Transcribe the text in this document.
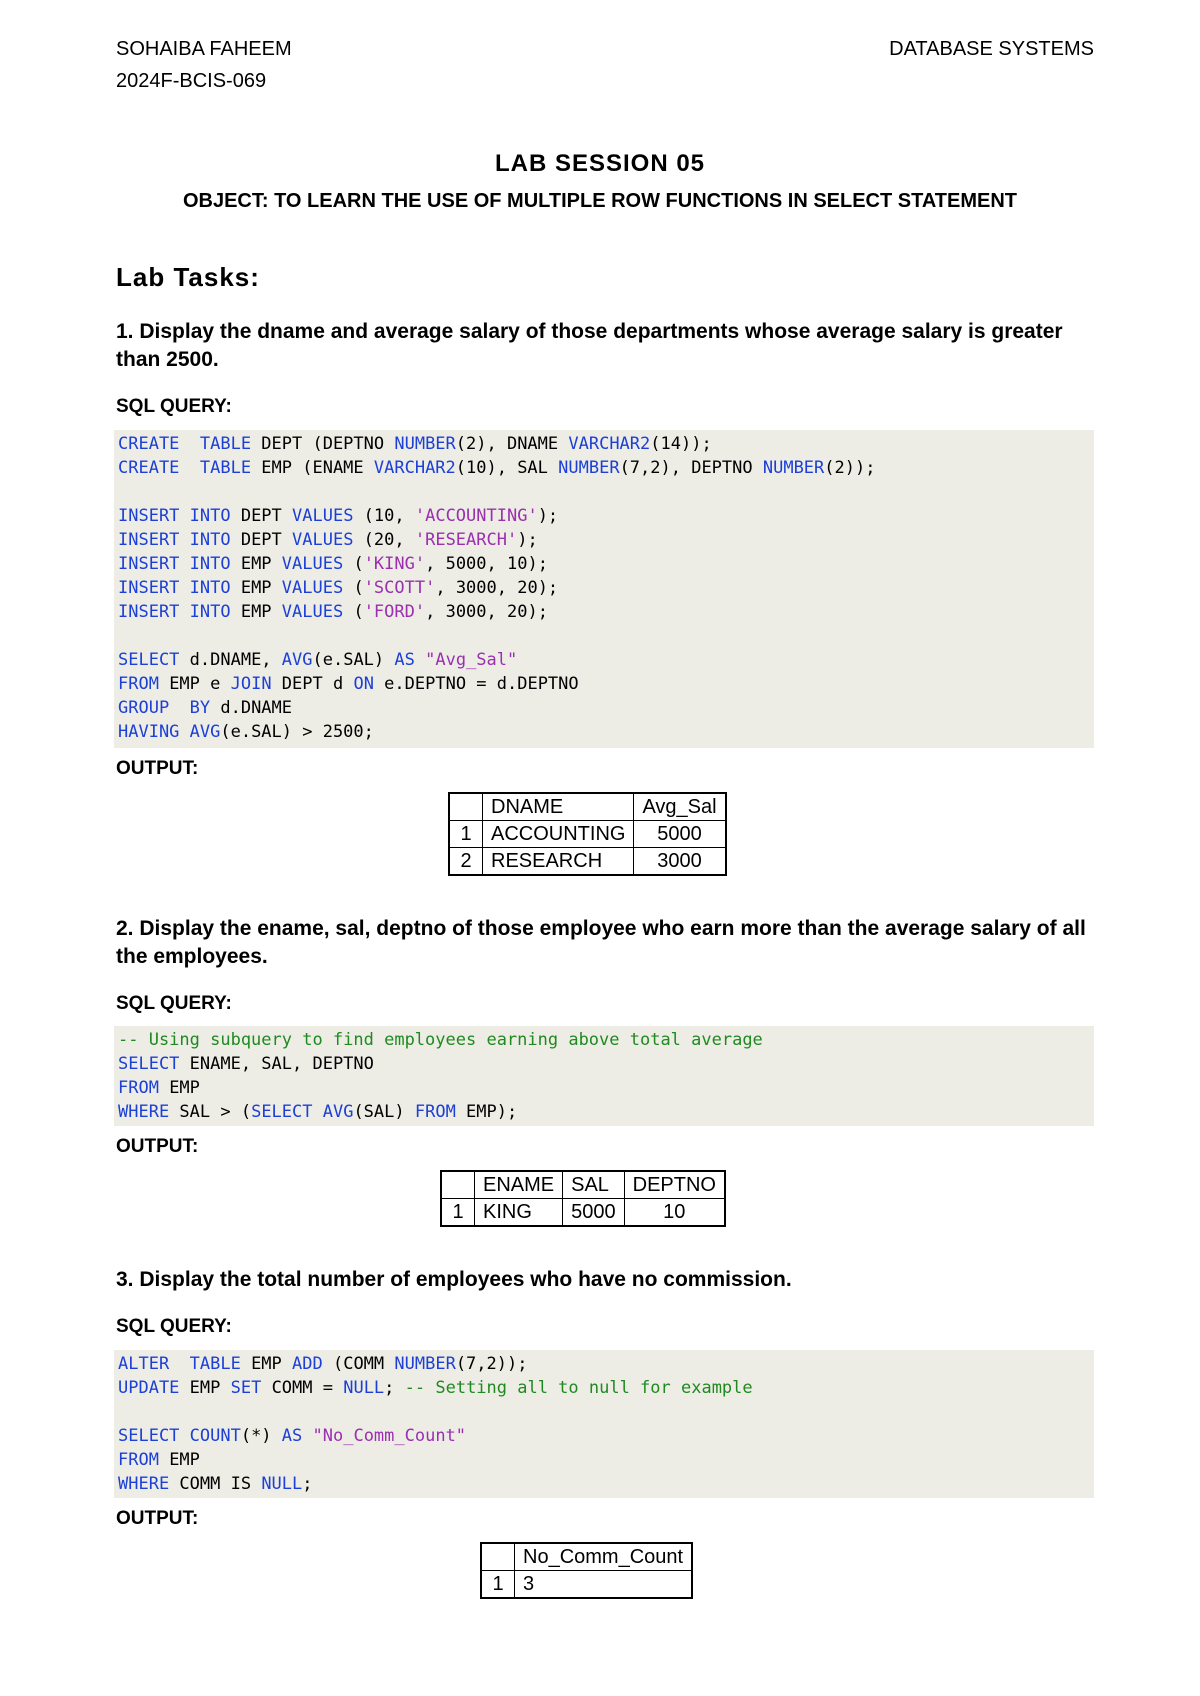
SOHAIBA FAHEEM
2024F-BCIS-069
DATABASE SYSTEMS
LAB SESSION 05
OBJECT: TO LEARN THE USE OF MULTIPLE ROW FUNCTIONS IN SELECT STATEMENT
Lab Tasks:
1. Display the dname and average salary of those departments whose average salary is greater than 2500.
SQL QUERY:
CREATE  TABLE DEPT (DEPTNO NUMBER(2), DNAME VARCHAR2(14));
CREATE  TABLE EMP (ENAME VARCHAR2(10), SAL NUMBER(7,2), DEPTNO NUMBER(2));

INSERT INTO DEPT VALUES (10, 'ACCOUNTING');
INSERT INTO DEPT VALUES (20, 'RESEARCH');
INSERT INTO EMP VALUES ('KING', 5000, 10);
INSERT INTO EMP VALUES ('SCOTT', 3000, 20);
INSERT INTO EMP VALUES ('FORD', 3000, 20);

SELECT d.DNAME, AVG(e.SAL) AS "Avg_Sal"
FROM EMP e JOIN DEPT d ON e.DEPTNO = d.DEPTNO
GROUP  BY d.DNAME
HAVING AVG(e.SAL) > 2500;
OUTPUT:
	DNAME	Avg_Sal
1	ACCOUNTING	5000
2	RESEARCH	3000
2. Display the ename, sal, deptno of those employee who earn more than the average salary of all the employees.
SQL QUERY:
-- Using subquery to find employees earning above total average
SELECT ENAME, SAL, DEPTNO
FROM EMP
WHERE SAL > (SELECT AVG(SAL) FROM EMP);
OUTPUT:
	ENAME	SAL	DEPTNO
1	KING	5000	10
3. Display the total number of employees who have no commission.
SQL QUERY:
ALTER  TABLE EMP ADD (COMM NUMBER(7,2));
UPDATE EMP SET COMM = NULL; -- Setting all to null for example

SELECT COUNT(*) AS "No_Comm_Count"
FROM EMP
WHERE COMM IS NULL;
OUTPUT:
	No_Comm_Count
1	3
